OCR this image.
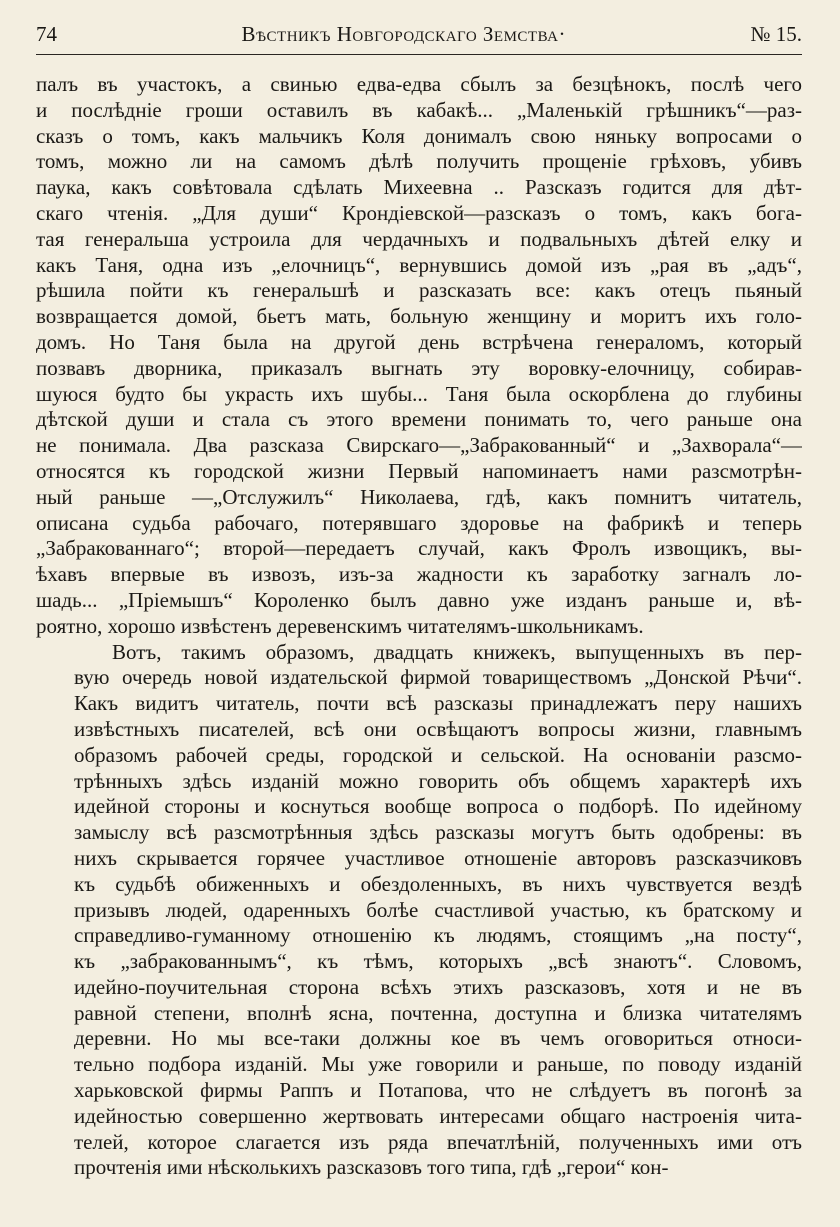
74	Вѣстникъ Новгородскаго Земства·	№ 15.

палъ въ участокъ, а свинью едва-едва сбылъ за безцѣнокъ, послѣ чего
и послѣдніе гроши оставилъ въ кабакѣ... „Маленькій грѣшникъ“—раз-
сказъ о томъ, какъ мальчикъ Коля донималъ свою няньку вопросами о
томъ, можно ли на самомъ дѣлѣ получить прощеніе грѣховъ, убивъ
паука, какъ совѣтовала сдѣлать Михеевна .. Разсказъ годится для дѣт-
скаго чтенія. „Для души“ Крондіевской—разсказъ о томъ, какъ бога-
тая генеральша устроила для чердачныхъ и подвальныхъ дѣтей елку и
какъ Таня, одна изъ „елочницъ“, вернувшись домой изъ „рая въ „адъ“,
рѣшила пойти къ генеральшѣ и разсказать все: какъ отецъ пьяный
возвращается домой, бьетъ мать, больную женщину и моритъ ихъ голо-
домъ. Но Таня была на другой день встрѣчена генераломъ, который
позвавъ дворника, приказалъ выгнать эту воровку-елочницу, собирав-
шуюся будто бы украсть ихъ шубы... Таня была оскорблена до глубины
дѣтской души и стала съ этого времени понимать то, чего раньше она
не понимала. Два разсказа Свирскаго—„Забракованный“ и „Захворала“—
относятся къ городской жизни Первый напоминаетъ нами разсмотрѣн-
ный раньше —„Отслужилъ“ Николаева, гдѣ, какъ помнитъ читатель,
описана судьба рабочаго, потерявшаго здоровье на фабрикѣ и теперь
„Забракованнаго“; второй—передаетъ случай, какъ Фролъ извощикъ, вы-
ѣхавъ впервые въ извозъ, изъ-за жадности къ заработку загналъ ло-
шадь... „Пріемышъ“ Короленко былъ давно уже изданъ раньше и, вѣ-
роятно, хорошо извѣстенъ деревенскимъ читателямъ-школьникамъ.

Вотъ, такимъ образомъ, двадцать книжекъ, выпущенныхъ въ пер-
вую очередь новой издательской фирмой товариществомъ „Донской Рѣчи“.
Какъ видитъ читатель, почти всѣ разсказы принадлежатъ перу нашихъ
извѣстныхъ писателей, всѣ они освѣщаютъ вопросы жизни, главнымъ
образомъ рабочей среды, городской и сельской. На основаніи разсмо-
трѣнныхъ здѣсь изданій можно говорить объ общемъ характерѣ ихъ
идейной стороны и коснуться вообще вопроса о подборѣ. По идейному
замыслу всѣ разсмотрѣнныя здѣсь разсказы могутъ быть одобрены: въ
нихъ скрывается горячее участливое отношеніе авторовъ разсказчиковъ
къ судьбѣ обиженныхъ и обездоленныхъ, въ нихъ чувствуется вездѣ
призывъ людей, одаренныхъ болѣе счастливой участью, къ братскому и
справедливо-гуманному отношенію къ людямъ, стоящимъ „на посту“,
къ „забракованнымъ“, къ тѣмъ, которыхъ „всѣ знаютъ“. Словомъ,
идейно-поучительная сторона всѣхъ этихъ разсказовъ, хотя и не въ
равной степени, вполнѣ ясна, почтенна, доступна и близка читателямъ
деревни. Но мы все-таки должны кое въ чемъ оговориться относи-
тельно подбора изданій. Мы уже говорили и раньше, по поводу изданій
харьковской фирмы Раппъ и Потапова, что не слѣдуетъ въ погонѣ за
идейностью совершенно жертвовать интересами общаго настроенія чита-
телей, которое слагается изъ ряда впечатлѣній, полученныхъ ими отъ
прочтенія ими нѣсколькихъ разсказовъ того типа, гдѣ „герои“ кон-
